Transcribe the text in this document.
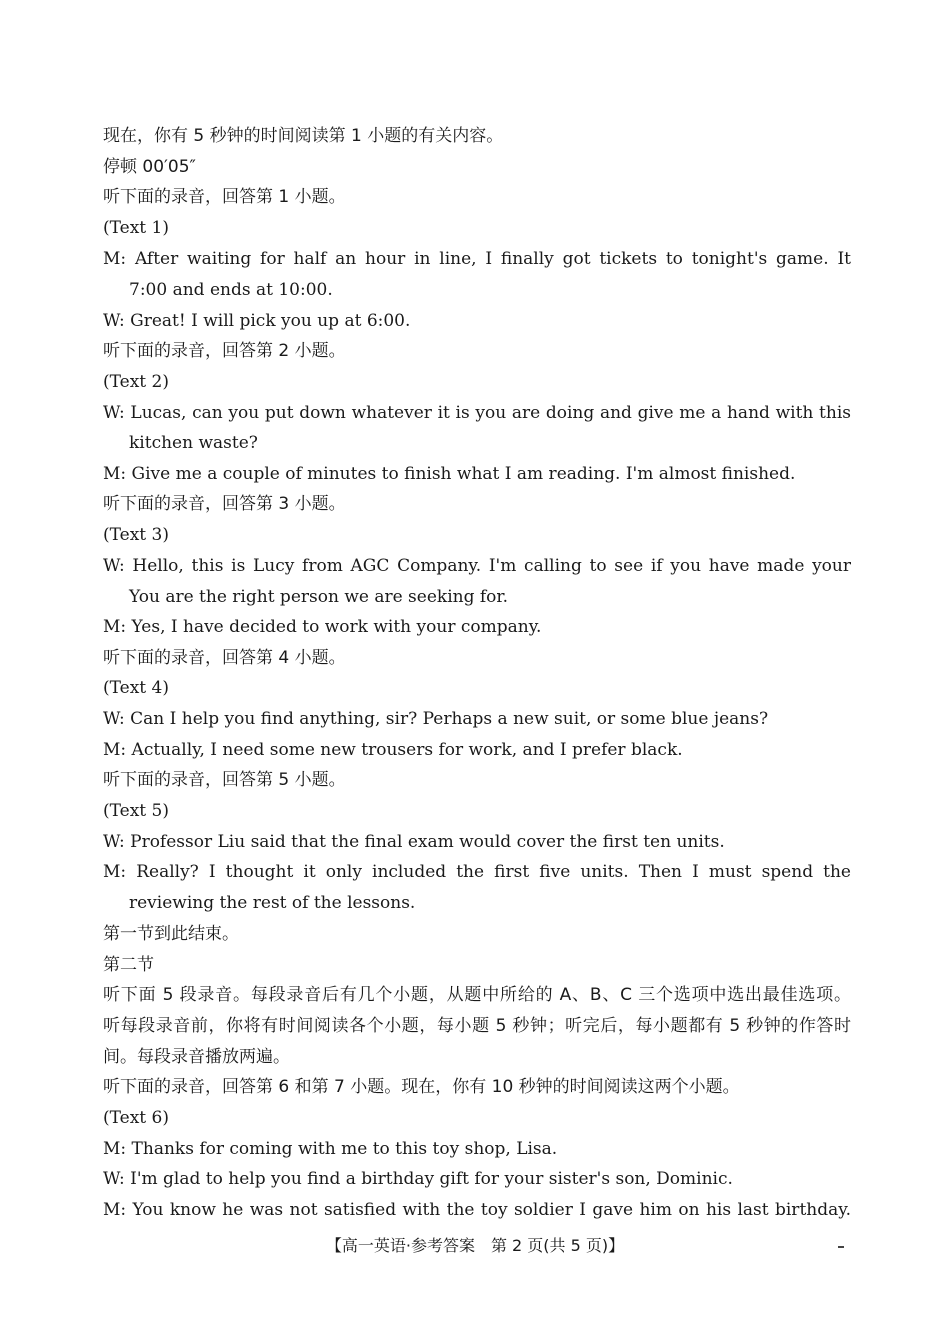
现在，你有 5 秒钟的时间阅读第 1 小题的有关内容。
停顿 00′05″
听下面的录音，回答第 1 小题。
(Text 1)
M: After waiting for half an hour in line, I finally got tickets to tonight's game. It
7:00 and ends at 10:00.
W: Great! I will pick you up at 6:00.
听下面的录音，回答第 2 小题。
(Text 2)
W: Lucas, can you put down whatever it is you are doing and give me a hand with this
kitchen waste?
M: Give me a couple of minutes to finish what I am reading. I'm almost finished.
听下面的录音，回答第 3 小题。
(Text 3)
W: Hello, this is Lucy from AGC Company. I'm calling to see if you have made your
You are the right person we are seeking for.
M: Yes, I have decided to work with your company.
听下面的录音，回答第 4 小题。
(Text 4)
W: Can I help you find anything, sir? Perhaps a new suit, or some blue jeans?
M: Actually, I need some new trousers for work, and I prefer black.
听下面的录音，回答第 5 小题。
(Text 5)
W: Professor Liu said that the final exam would cover the first ten units.
M: Really? I thought it only included the first five units. Then I must spend the
reviewing the rest of the lessons.
第一节到此结束。
第二节
听下面 5 段录音。每段录音后有几个小题，从题中所给的 A、B、C 三个选项中选出最佳选项。
听每段录音前，你将有时间阅读各个小题，每小题 5 秒钟；听完后，每小题都有 5 秒钟的作答时
间。每段录音播放两遍。
听下面的录音，回答第 6 和第 7 小题。现在，你有 10 秒钟的时间阅读这两个小题。
(Text 6)
M: Thanks for coming with me to this toy shop, Lisa.
W: I'm glad to help you find a birthday gift for your sister's son, Dominic.
M: You know he was not satisfied with the toy soldier I gave him on his last birthday.
【高一英语·参考答案　第 2 页(共 5 页)】
